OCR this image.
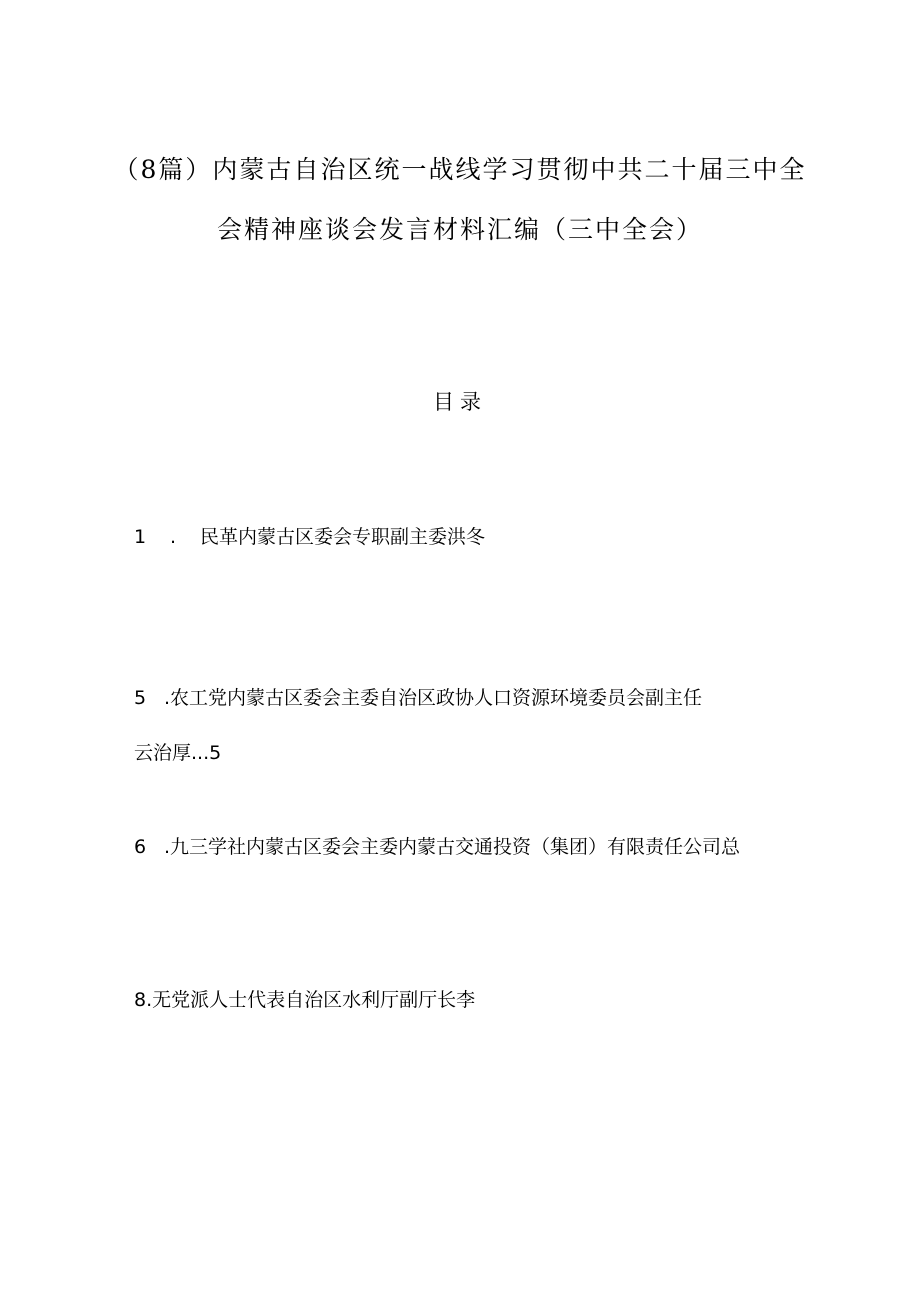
（8篇）内蒙古自治区统一战线学习贯彻中共二十届三中全
会精神座谈会发言材料汇编（三中全会）
目录
1 . 民革内蒙古区委会专职副主委洪冬
5 .农工党内蒙古区委会主委自治区政协人口资源环境委员会副主任
云治厚...5
6 .九三学社内蒙古区委会主委内蒙古交通投资（集团）有限责任公司总
8.无党派人士代表自治区水利厅副厅长李
